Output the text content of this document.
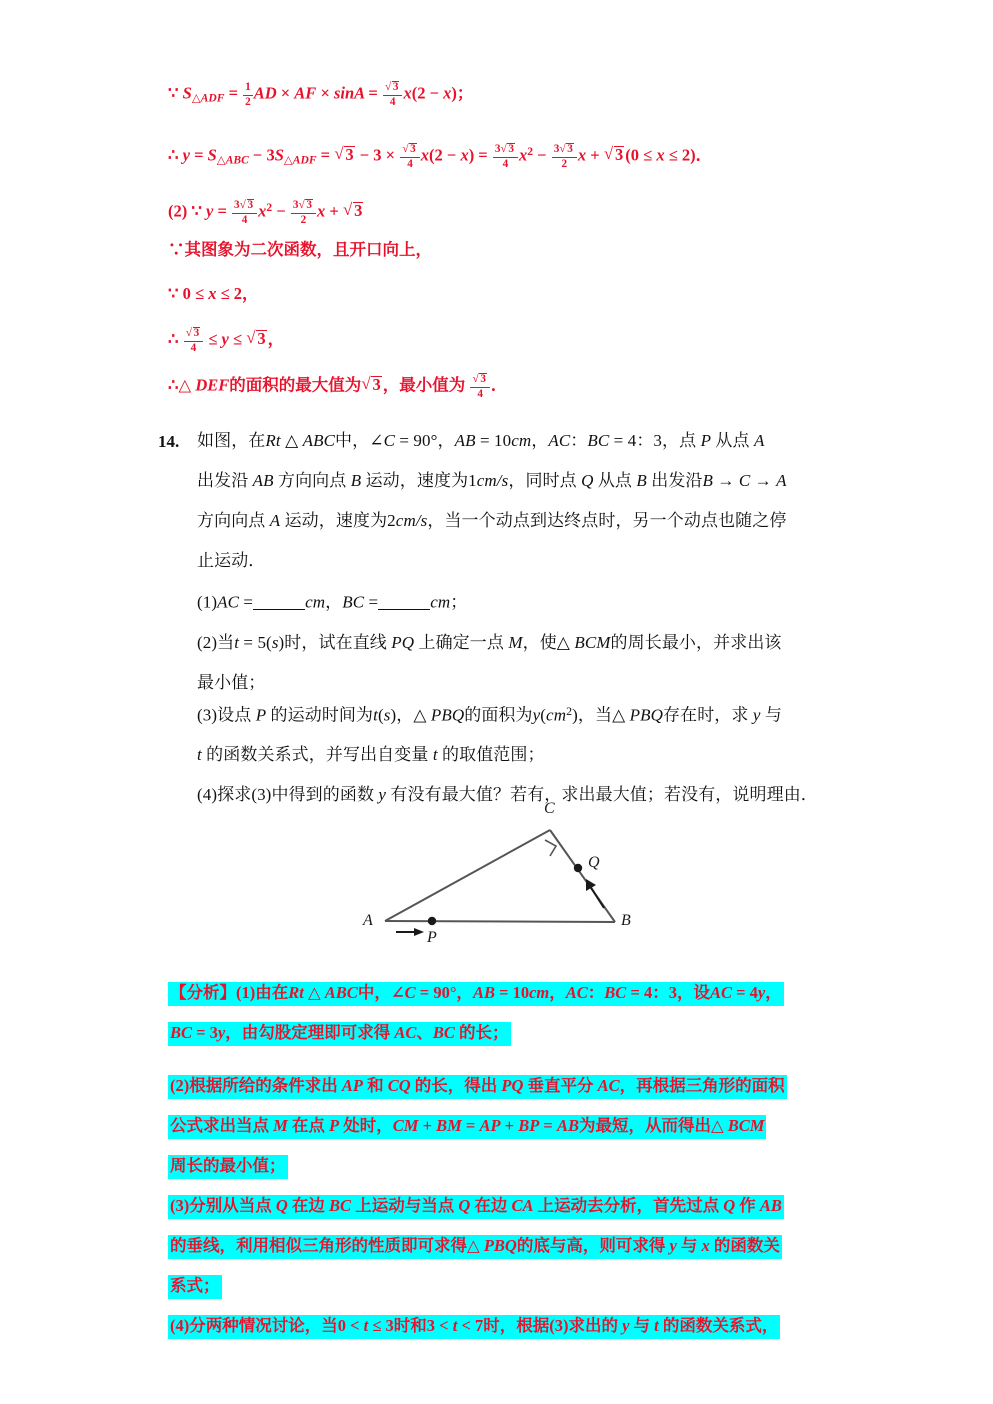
∵ $S_{\triangle ADF} = \frac{1}{2}$ AD × AF × $\sin A = \frac{√ 3}{4} x(2 - x)$；
∴ $y = S_{\triangle ABC} - 3S_{\triangle ADF}$ = √ $3 - 3 \times \frac{√ 3}{4} x(2 - x) = \frac{3 √ 3}{4} x^2 - \frac{3 √ 3}{2}$ x + √ 3 (0 ≤ x ≤ 2)．
(2) ∵ $y = \frac{3 √ 3}{4} x^2 - \frac{3 √ 3}{2}$ x + √ 3
∵其图象为二次函数，且开口向上，
∵ 0 ≤ x ≤ 2，
∴ $\frac{√ 3}{4} \le y$ ≤ √ 3 ，
∴△ DEF的面积的最大值为 √ 3 ，最小值为 $\frac{√ 3}{4}$ ．
14. 如图，在Rt △ ABC中，∠C = 90°，AB = 10cm，AC：BC = 4：3，点 P 从点 A
出发沿 AB 方向向点 B 运动，速度为1cm/s，同时点 Q 从点 B 出发沿B → C → A
方向向点 A 运动，速度为2cm/s，当一个动点到达终点时，另一个动点也随之停
止运动．
(1)AC =	cm，BC =	cm；
(2)当t = 5(s)时，试在直线 PQ 上确定一点 M，使△ BCM的周长最小，并求出该
最小值；
(3)设点 P 的运动时间为t(s)，△ PBQ的面积为$y(cm^2)$，当△ PBQ存在时，求 y 与
t 的函数关系式，并写出自变量 t 的取值范围；
(4)探求(3)中得到的函数 y 有没有最大值？若有，求出最大值；若没有，说明理由．
A	B
C
P
Q
【分析】(1)由在Rt △ ABC中，∠C = 90°，AB = 10cm，AC：BC = 4：3，设AC = 4y，
BC = 3y，由勾股定理即可求得 AC、BC 的长；
(2)根据所给的条件求出 AP 和 CQ 的长，得出 PQ 垂直平分 AC，再根据三角形的面积
公式求出当点 M 在点 P 处时，CM + BM = AP + BP = AB为最短，从而得出△ BCM
周长的最小值；
(3)分别从当点 Q 在边 BC 上运动与当点 Q 在边 CA 上运动去分析，首先过点 Q 作 AB
的垂线，利用相似三角形的性质即可求得△ PBQ的底与高，则可求得 y 与 x 的函数关
系式；
(4)分两种情况讨论，当0 < t ≤ 3时和3 < t < 7时，根据(3)求出的 y 与 t 的函数关系式，
